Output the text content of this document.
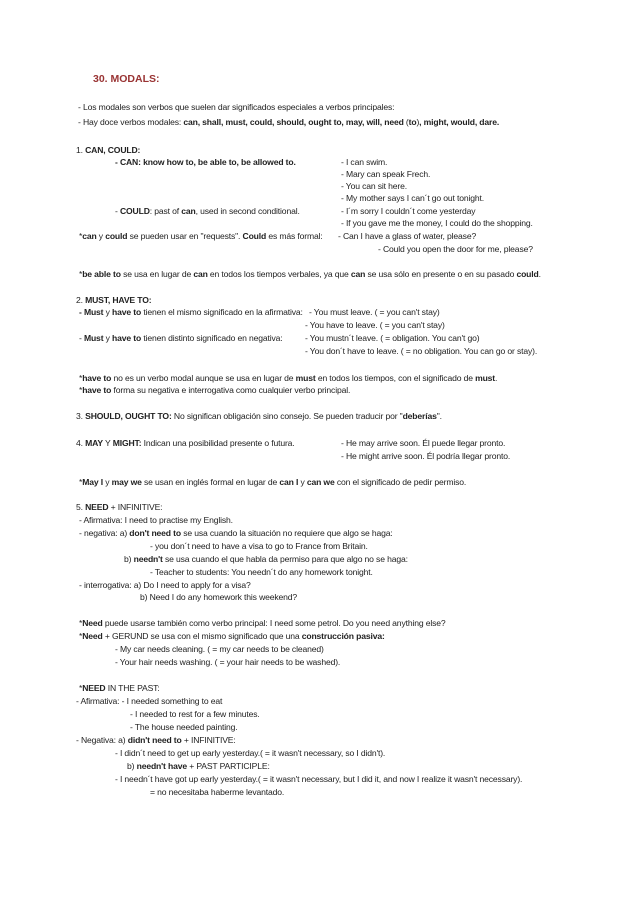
30. MODALS:
- Los modales son verbos que suelen dar significados especiales a verbos principales:
- Hay doce verbos modales: can, shall, must, could, should, ought to, may, will, need (to), might, would, dare.
1. CAN, COULD:
- CAN: know how to, be able to, be allowed to.	- I can swim.
- Mary can speak Frech.
- You can sit here.
- My mother says I can´t go out tonight.
- COULD: past of can, used in second conditional.	- I´m sorry I couldn´t come yesterday
- If you gave me the money, I could do the shopping.
*can y could se pueden usar en "requests". Could es más formal: - Can I have a glass of water, please?
- Could you open the door for me, please?
*be able to se usa en lugar de can en todos los tiempos verbales, ya que can se usa sólo en presente o en su pasado could.
2. MUST, HAVE TO:
- Must y have to tienen el mismo significado en la afirmativa: - You must leave. ( = you can't stay)
- You have to leave. ( = you can't stay)
- Must y have to tienen distinto significado en negativa:	- You mustn´t leave. ( = obligation. You can't go)
- You don´t have to leave. ( = no obligation. You can go or stay).
*have to no es un verbo modal aunque se usa en lugar de must en todos los tiempos, con el significado de must.
*have to forma su negativa e interrogativa como cualquier verbo principal.
3. SHOULD, OUGHT TO: No significan obligación sino consejo. Se pueden traducir por "deberías".
4. MAY Y MIGHT: Indican una posibilidad presente o futura.	- He may arrive soon. Él puede llegar pronto.
- He might arrive soon. Él podría llegar pronto.
*May I y may we se usan en inglés formal en lugar de can I y can we con el significado de pedir permiso.
5. NEED + INFINITIVE:
- Afirmativa: I need to practise my English.
- negativa: a) don't need to se usa cuando la situación no requiere que algo se haga:
- you don´t need to have a visa to go to France from Britain.
b) needn't se usa cuando el que habla da permiso para que algo no se haga:
- Teacher to students: You needn´t do any homework tonight.
- interrogativa: a) Do I need to apply for a visa?
b) Need I do any homework this weekend?
*Need puede usarse también como verbo principal: I need some petrol. Do you need anything else?
*Need + GERUND se usa con el mismo significado que una construcción pasiva:
- My car needs cleaning. ( = my car needs to be cleaned)
- Your hair needs washing. ( = your hair needs to be washed).
*NEED IN THE PAST:
- Afirmativa: - I needed something to eat
- I needed to rest for a few minutes.
- The house needed painting.
- Negativa: a) didn't need to + INFINITIVE:
- I didn´t need to get up early yesterday.( = it wasn't necessary, so I didn't).
b) needn't have + PAST PARTICIPLE:
- I needn´t have got up early yesterday.( = it wasn't necessary, but I did it, and now I realize it wasn't necessary).
= no necesitaba haberme levantado.
